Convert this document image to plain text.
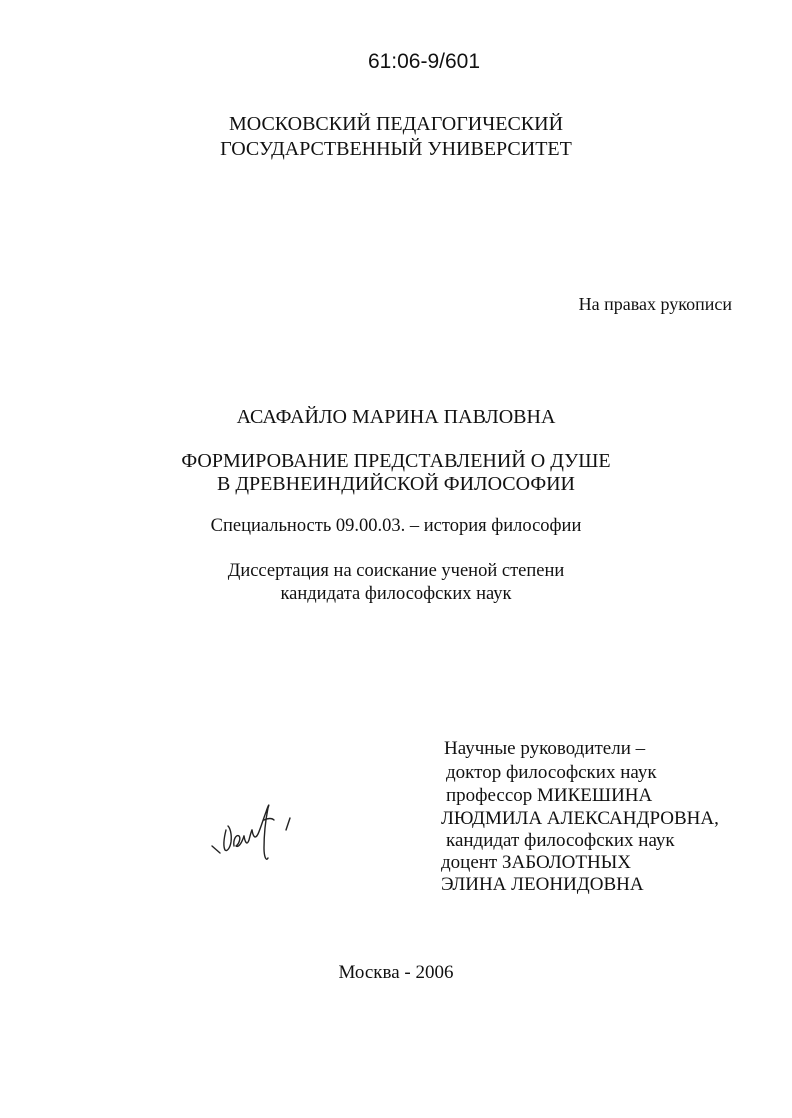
61:06-9/601

МОСКОВСКИЙ ПЕДАГОГИЧЕСКИЙ

ГОСУДАРСТВЕННЫЙ УНИВЕРСИТЕТ

На правах рукописи

АСАФАЙЛО МАРИНА ПАВЛОВНА

ФОРМИРОВАНИЕ ПРЕДСТАВЛЕНИЙ О ДУШЕ

В ДРЕВНЕИНДИЙСКОЙ ФИЛОСОФИИ

Специальность 09.00.03. – история философии

Диссертация на соискание ученой степени

кандидата философских наук

Научные руководители –

доктор философских наук

профессор МИКЕШИНА

ЛЮДМИЛА АЛЕКСАНДРОВНА,

кандидат философских наук

доцент ЗАБОЛОТНЫХ

ЭЛИНА ЛЕОНИДОВНА

Москва - 2006
